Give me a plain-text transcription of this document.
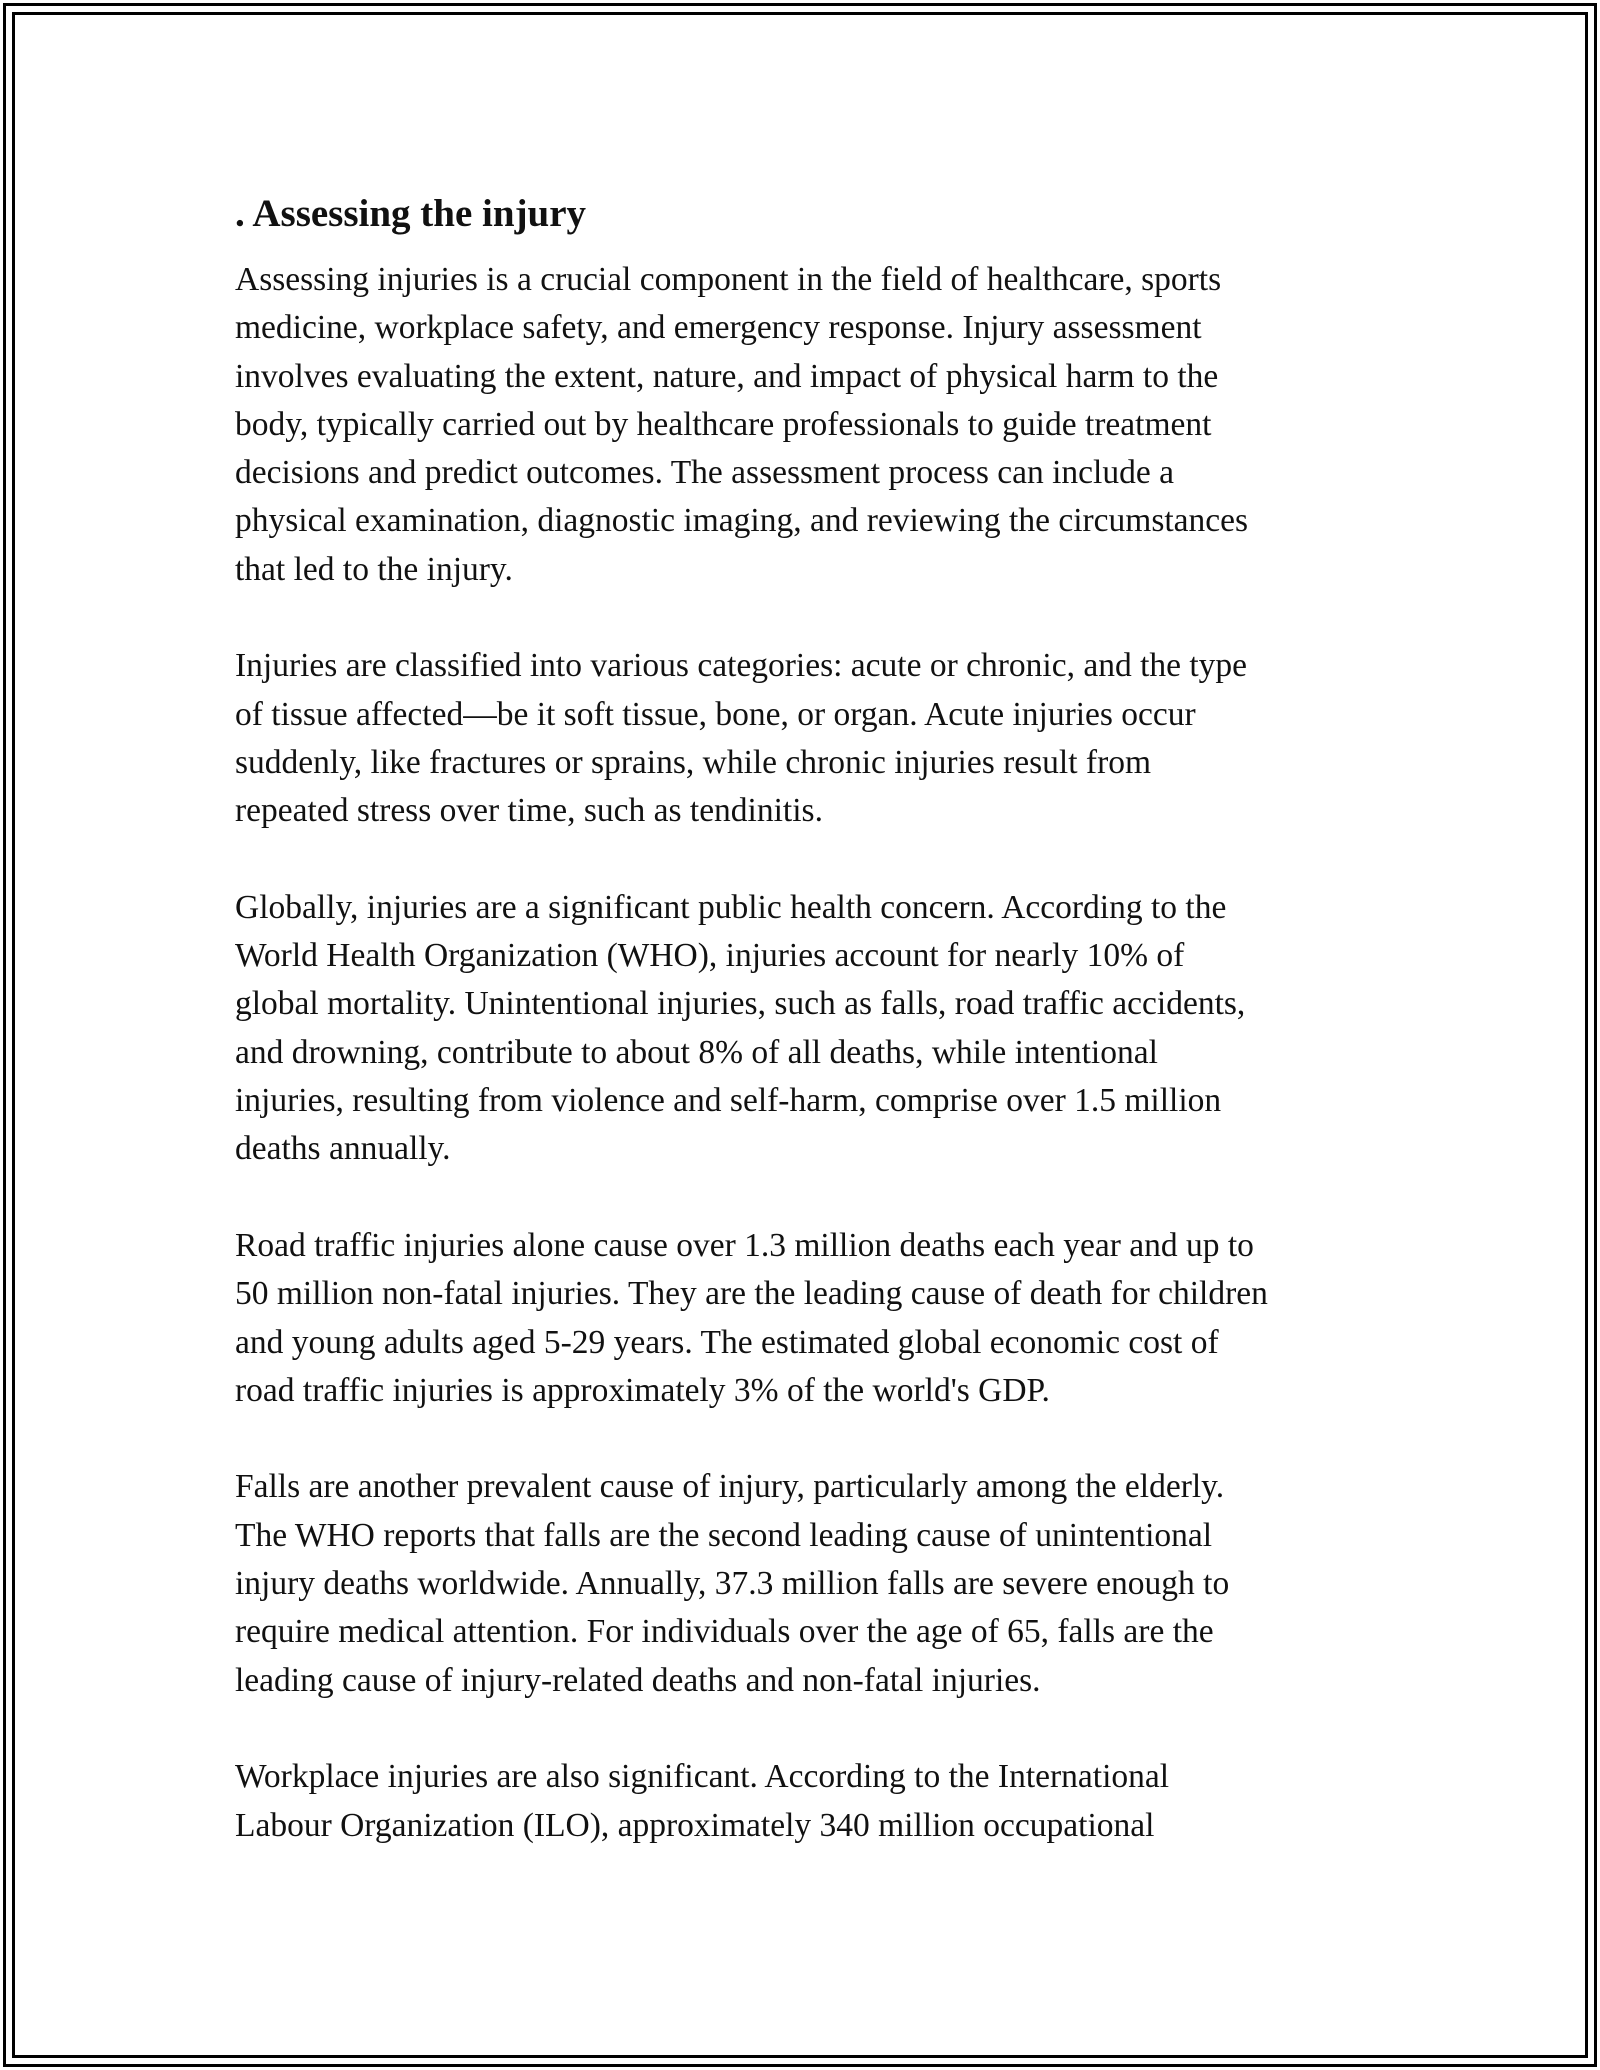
. Assessing the injury

Assessing injuries is a crucial component in the field of healthcare, sports
medicine, workplace safety, and emergency response. Injury assessment
involves evaluating the extent, nature, and impact of physical harm to the
body, typically carried out by healthcare professionals to guide treatment
decisions and predict outcomes. The assessment process can include a
physical examination, diagnostic imaging, and reviewing the circumstances
that led to the injury.

Injuries are classified into various categories: acute or chronic, and the type
of tissue affected—be it soft tissue, bone, or organ. Acute injuries occur
suddenly, like fractures or sprains, while chronic injuries result from
repeated stress over time, such as tendinitis.

Globally, injuries are a significant public health concern. According to the
World Health Organization (WHO), injuries account for nearly 10% of
global mortality. Unintentional injuries, such as falls, road traffic accidents,
and drowning, contribute to about 8% of all deaths, while intentional
injuries, resulting from violence and self-harm, comprise over 1.5 million
deaths annually.

Road traffic injuries alone cause over 1.3 million deaths each year and up to
50 million non-fatal injuries. They are the leading cause of death for children
and young adults aged 5-29 years. The estimated global economic cost of
road traffic injuries is approximately 3% of the world's GDP.

Falls are another prevalent cause of injury, particularly among the elderly.
The WHO reports that falls are the second leading cause of unintentional
injury deaths worldwide. Annually, 37.3 million falls are severe enough to
require medical attention. For individuals over the age of 65, falls are the
leading cause of injury-related deaths and non-fatal injuries.

Workplace injuries are also significant. According to the International
Labour Organization (ILO), approximately 340 million occupational
